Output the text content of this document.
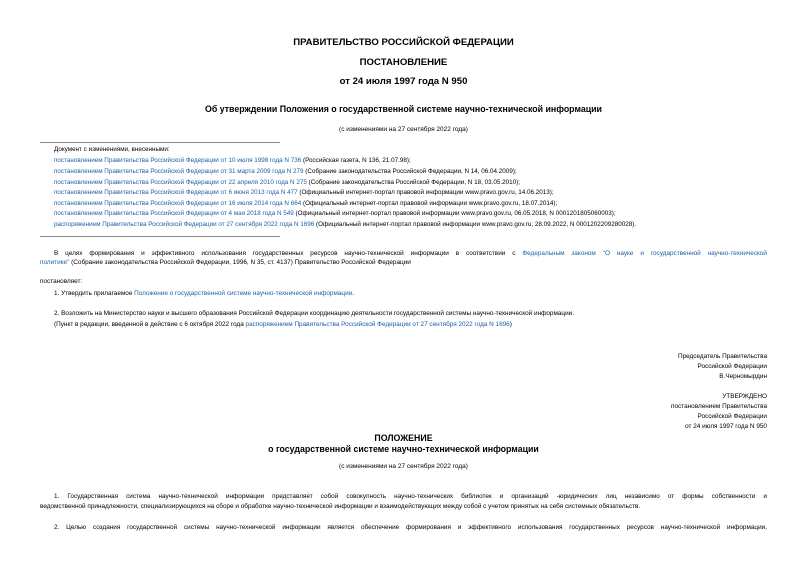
ПРАВИТЕЛЬСТВО РОССИЙСКОЙ ФЕДЕРАЦИИ
ПОСТАНОВЛЕНИЕ
от 24 июля 1997 года N 950
Об утверждении Положения о государственной системе научно-технической информации
(с изменениями на 27 сентября 2022 года)
Документ с изменениями, внесенными:
постановлением Правительства Российской Федерации от 10 июля 1998 года N 736 (Российская газета, N 136, 21.07.98);
постановлением Правительства Российской Федерации от 31 марта 2009 года N 279 (Собрание законодательства Российской Федерации, N 14, 06.04.2009);
постановлением Правительства Российской Федерации от 22 апреля 2010 года N 275 (Собрание законодательства Российской Федерации, N 18, 03.05.2010);
постановлением Правительства Российской Федерации от 6 июня 2013 года N 477 (Официальный интернет-портал правовой информации www.pravo.gov.ru, 14.06.2013);
постановлением Правительства Российской Федерации от 16 июля 2014 года N 664 (Официальный интернет-портал правовой информации www.pravo.gov.ru, 18.07.2014);
постановлением Правительства Российской Федерации от 4 мая 2018 года N 549 (Официальный интернет-портал правовой информации www.pravo.gov.ru, 06.05.2018, N 0001201805060003);
распоряжением Правительства Российской Федерации от 27 сентября 2022 года N 1696 (Официальный интернет-портал правовой информации www.pravo.gov.ru, 28.09.2022, N 0001202209280028).
В целях формирования и эффективного использования государственных ресурсов научно-технической информации в соответствии с Федеральным законом "О науке и государственной научно-технической
политике" (Собрание законодательства Российской Федерации, 1996, N 35, ст. 4137) Правительство Российской Федерации
постановляет:
1. Утвердить прилагаемое Положение о государственной системе научно-технической информации.
2. Возложить на Министерство науки и высшего образования Российской Федерации координацию деятельности государственной системы научно-технической информации.
(Пункт в редакции, введенной в действие с 6 октября 2022 года распоряжением Правительства Российской Федерации от 27 сентября 2022 года N 1696)
Председатель Правительства
Российской Федерации
В.Черномырдин
УТВЕРЖДЕНО
постановлением Правительства
Российской Федерации
от 24 июля 1997 года N 950
ПОЛОЖЕНИЕ
о государственной системе научно-технической информации
(с изменениями на 27 сентября 2022 года)
1. Государственная система научно-технической информации представляет собой совокупность научно-технических библиотек и организаций -юридических лиц независимо от формы собственности и
ведомственной принадлежности, специализирующихся на сборе и обработке научно-технической информации и взаимодействующих между собой с учетом принятых на себя системных обязательств.
2. Целью создания государственной системы научно-технической информации является обеспечение формирования и эффективного использования государственных ресурсов научно-технической информации,
